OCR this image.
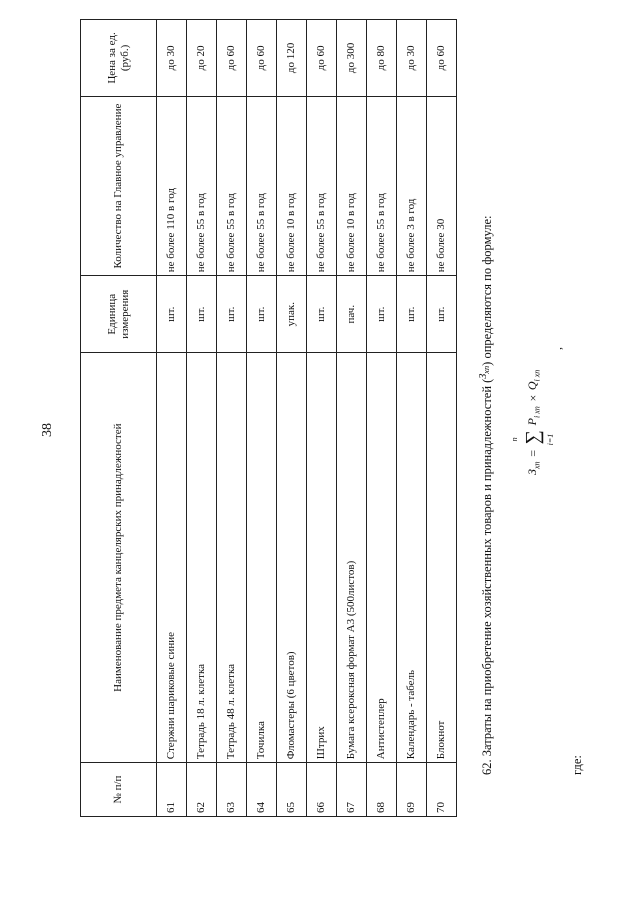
38
№ п/п	Наименование предмета канцелярских принадлежностей	Единица измерения	Количество на Главное управление	Цена за ед. (руб.)
61	Стержни шариковые синие	шт.	не более 110 в год	до 30
62	Тетрадь 18 л. клетка	шт.	не более 55 в год	до 20
63	Тетрадь 48 л. клетка	шт.	не более 55 в год	до 60
64	Точилка	шт.	не более 55 в год	до 60
65	Фломастеры (6 цветов)	упак.	не более 10 в год	до 120
66	Штрих	шт.	не более 55 в год	до 60
67	Бумага ксероксная формат А3 (500листов)	пач.	не более 10 в год	до 300
68	Антистеплер	шт.	не более 55 в год	до 80
69	Календарь - табель	шт.	не более 3 в год	до 30
70	Блокнот	шт.	не более 30	до 60
62. Затраты на приобретение хозяйственных товаров и принадлежностей ($^{З_{хп}}$) определяются по формуле:
$З_{хп}$
=
n ∑ i=1
$P_{i хп}$
×
$Q_{i хп}$
,
где:
